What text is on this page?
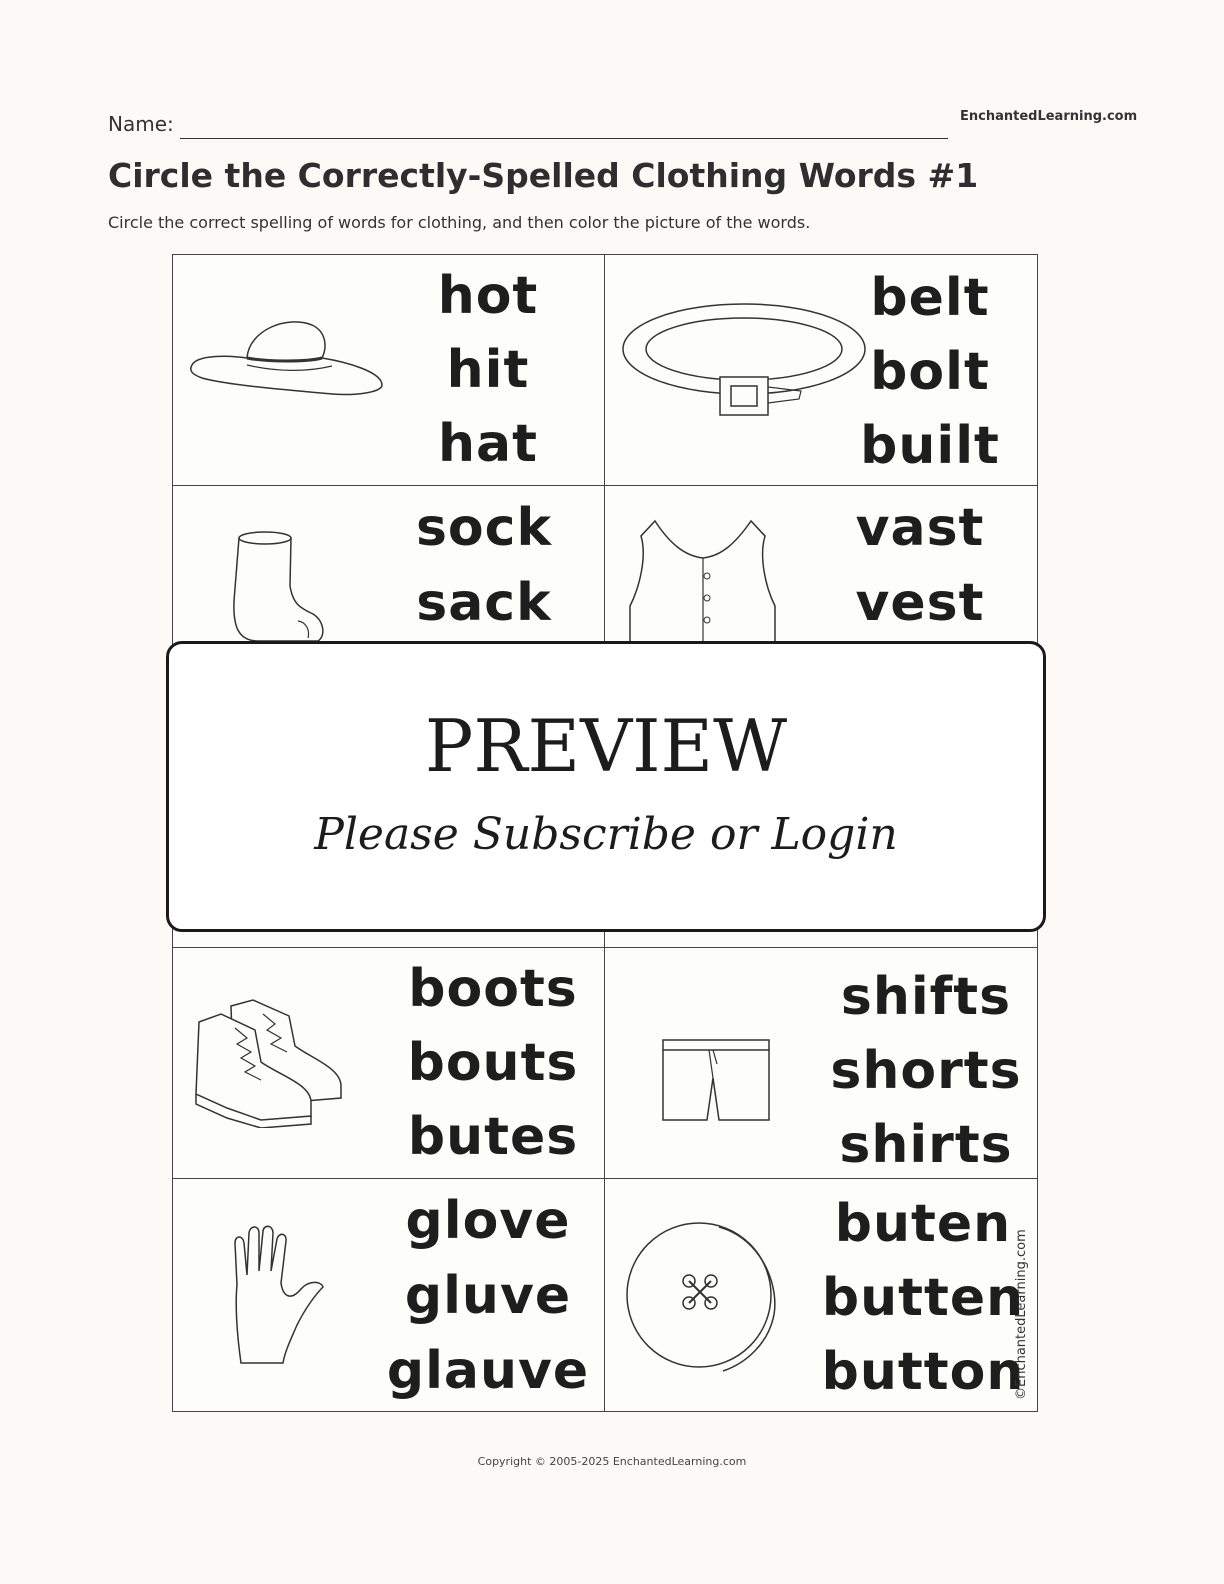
Name:	EnchantedLearning.com
Circle the Correctly-Spelled Clothing Words #1
Circle the correct spelling of words for clothing, and then color the picture of the words.
hot
hit
hat
belt
bolt
built
sock
sack
vast
vest
boots
bouts
butes
shifts
shorts
shirts
glove
gluve
glauve
buten
butten
button
©EnchantedLearning.com
PREVIEW
Please Subscribe or Login
Copyright © 2005-2025 EnchantedLearning.com
